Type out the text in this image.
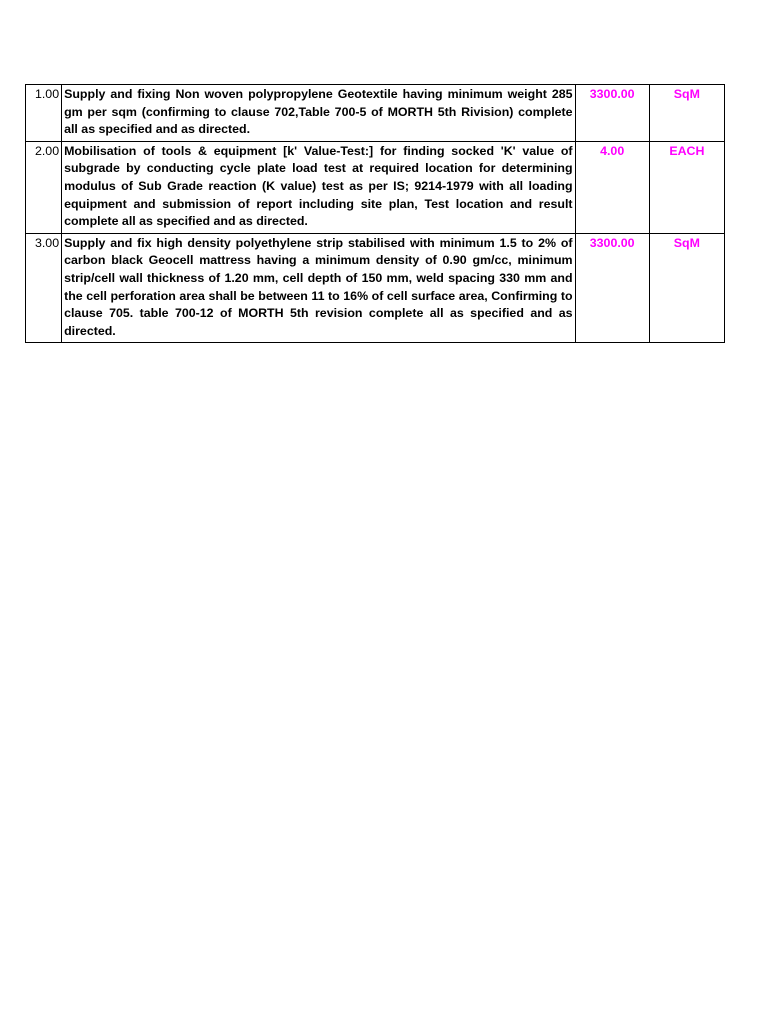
1.00	Supply and fixing Non woven polypropylene Geotextile having minimum weight 285 gm per sqm (confirming to clause 702,Table 700-5 of MORTH 5th Rivision) complete all as specified and as directed.	3300.00	SqM
2.00	Mobilisation of tools & equipment [k' Value-Test:] for finding socked 'K' value of subgrade by conducting cycle plate load test at required location for determining modulus of Sub Grade reaction (K value) test as per IS; 9214-1979 with all loading equipment and submission of report including site plan, Test location and result complete all as specified and as directed.	4.00	EACH
3.00	Supply and fix high density polyethylene strip stabilised with minimum 1.5 to 2% of carbon black Geocell mattress having a minimum density of 0.90 gm/cc, minimum strip/cell wall thickness of 1.20 mm, cell depth of 150 mm, weld spacing 330 mm and the cell perforation area shall be between 11 to 16% of cell surface area, Confirming to clause 705. table 700-12 of MORTH 5th revision complete all as specified and as directed.	3300.00	SqM
